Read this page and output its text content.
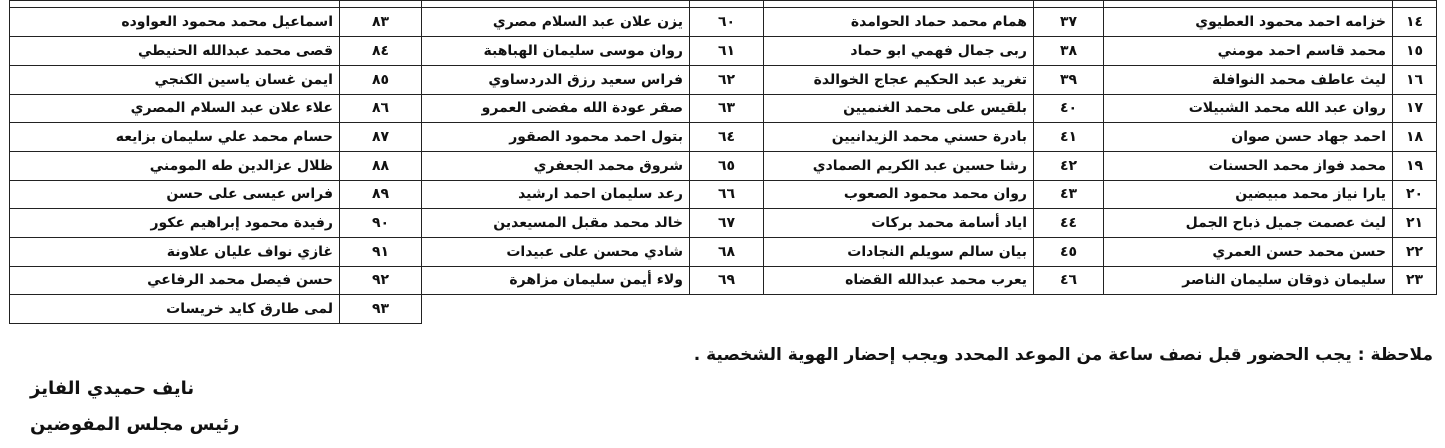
١٤	خزامه احمد محمود العطيوي	٣٧	همام محمد حماد الحوامدة	٦٠	يزن علان عبد السلام مصري	٨٣	اسماعيل محمد محمود العواوده
١٥	محمد قاسم احمد مومني	٣٨	ربى جمال فهمي ابو حماد	٦١	روان موسى سليمان الهباهبة	٨٤	قصى محمد عبدالله الحنيطي
١٦	ليث عاطف محمد النوافلة	٣٩	تغريد عبد الحكيم عجاج الخوالدة	٦٢	فراس سعيد رزق الدردساوي	٨٥	ايمن غسان ياسين الكنجي
١٧	روان عبد الله محمد الشبيلات	٤٠	بلقيس على محمد الغنميين	٦٣	صقر عودة الله مفضى العمرو	٨٦	علاء علان عبد السلام المصري
١٨	احمد جهاد حسن صوان	٤١	بادرة حسني محمد الزيدانيين	٦٤	بتول احمد محمود الصقور	٨٧	حسام محمد علي سليمان بزايعه
١٩	محمد فواز محمد الحسنات	٤٢	رشا حسين عبد الكريم الصمادي	٦٥	شروق محمد الجعفري	٨٨	ظلال عزالدين طه المومني
٢٠	يارا نياز محمد مبيضين	٤٣	روان محمد محمود الصعوب	٦٦	رعد سليمان احمد ارشيد	٨٩	فراس عيسى على حسن
٢١	ليث عصمت جميل ذباح الجمل	٤٤	اياد أسامة محمد بركات	٦٧	خالد محمد مقبل المسيعدين	٩٠	رفيدة محمود إبراهيم عكور
٢٢	حسن محمد حسن العمري	٤٥	بيان سالم سويلم النجادات	٦٨	شادي محسن على عبيدات	٩١	غازي نواف عليان علاونة
٢٣	سليمان ذوقان سليمان الناصر	٤٦	يعرب محمد عبدالله القضاه	٦٩	ولاء أيمن سليمان مزاهرة	٩٢	حسن فيصل محمد الرفاعي
						٩٣	لمى طارق كايد خريسات
ملاحظة : يجب الحضور قبل نصف ساعة من الموعد المحدد ويجب إحضار الهوية الشخصية .
نايف حميدي الفايز
رئيس مجلس المفوضين
